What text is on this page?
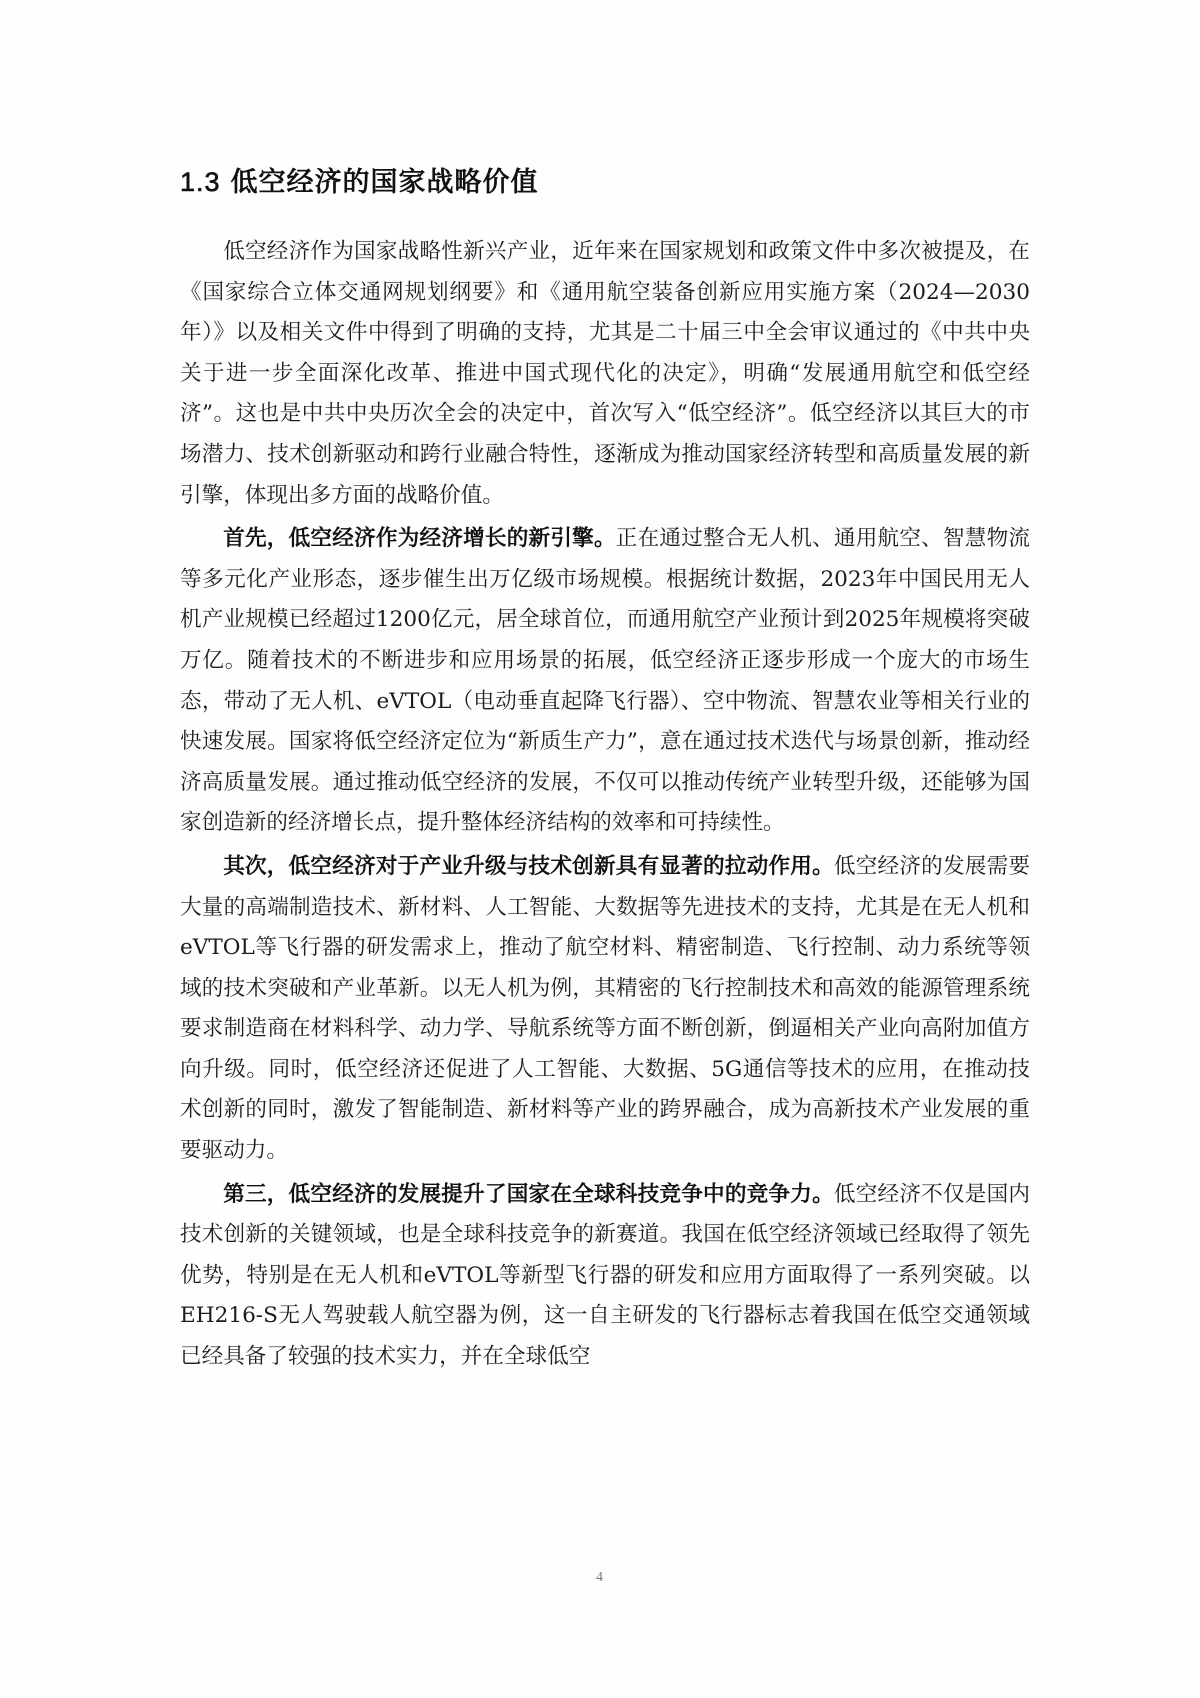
1.3 低空经济的国家战略价值

低空经济作为国家战略性新兴产业，近年来在国家规划和政策文件中多次被提及，在《国家综合立体交通网规划纲要》和《通用航空装备创新应用实施方案（2024—2030年）》以及相关文件中得到了明确的支持，尤其是二十届三中全会审议通过的《中共中央关于进一步全面深化改革、推进中国式现代化的决定》，明确“发展通用航空和低空经济”。这也是中共中央历次全会的决定中，首次写入“低空经济”。低空经济以其巨大的市场潜力、技术创新驱动和跨行业融合特性，逐渐成为推动国家经济转型和高质量发展的新引擎，体现出多方面的战略价值。

首先，低空经济作为经济增长的新引擎。正在通过整合无人机、通用航空、智慧物流等多元化产业形态，逐步催生出万亿级市场规模。根据统计数据，2023年中国民用无人机产业规模已经超过1200亿元，居全球首位，而通用航空产业预计到2025年规模将突破万亿。随着技术的不断进步和应用场景的拓展，低空经济正逐步形成一个庞大的市场生态，带动了无人机、eVTOL（电动垂直起降飞行器）、空中物流、智慧农业等相关行业的快速发展。国家将低空经济定位为“新质生产力”，意在通过技术迭代与场景创新，推动经济高质量发展。通过推动低空经济的发展，不仅可以推动传统产业转型升级，还能够为国家创造新的经济增长点，提升整体经济结构的效率和可持续性。

其次，低空经济对于产业升级与技术创新具有显著的拉动作用。低空经济的发展需要大量的高端制造技术、新材料、人工智能、大数据等先进技术的支持，尤其是在无人机和eVTOL等飞行器的研发需求上，推动了航空材料、精密制造、飞行控制、动力系统等领域的技术突破和产业革新。以无人机为例，其精密的飞行控制技术和高效的能源管理系统要求制造商在材料科学、动力学、导航系统等方面不断创新，倒逼相关产业向高附加值方向升级。同时，低空经济还促进了人工智能、大数据、5G通信等技术的应用，在推动技术创新的同时，激发了智能制造、新材料等产业的跨界融合，成为高新技术产业发展的重要驱动力。

第三，低空经济的发展提升了国家在全球科技竞争中的竞争力。低空经济不仅是国内技术创新的关键领域，也是全球科技竞争的新赛道。我国在低空经济领域已经取得了领先优势，特别是在无人机和eVTOL等新型飞行器的研发和应用方面取得了一系列突破。以EH216-S无人驾驶载人航空器为例，这一自主研发的飞行器标志着我国在低空交通领域已经具备了较强的技术实力，并在全球低空

4
